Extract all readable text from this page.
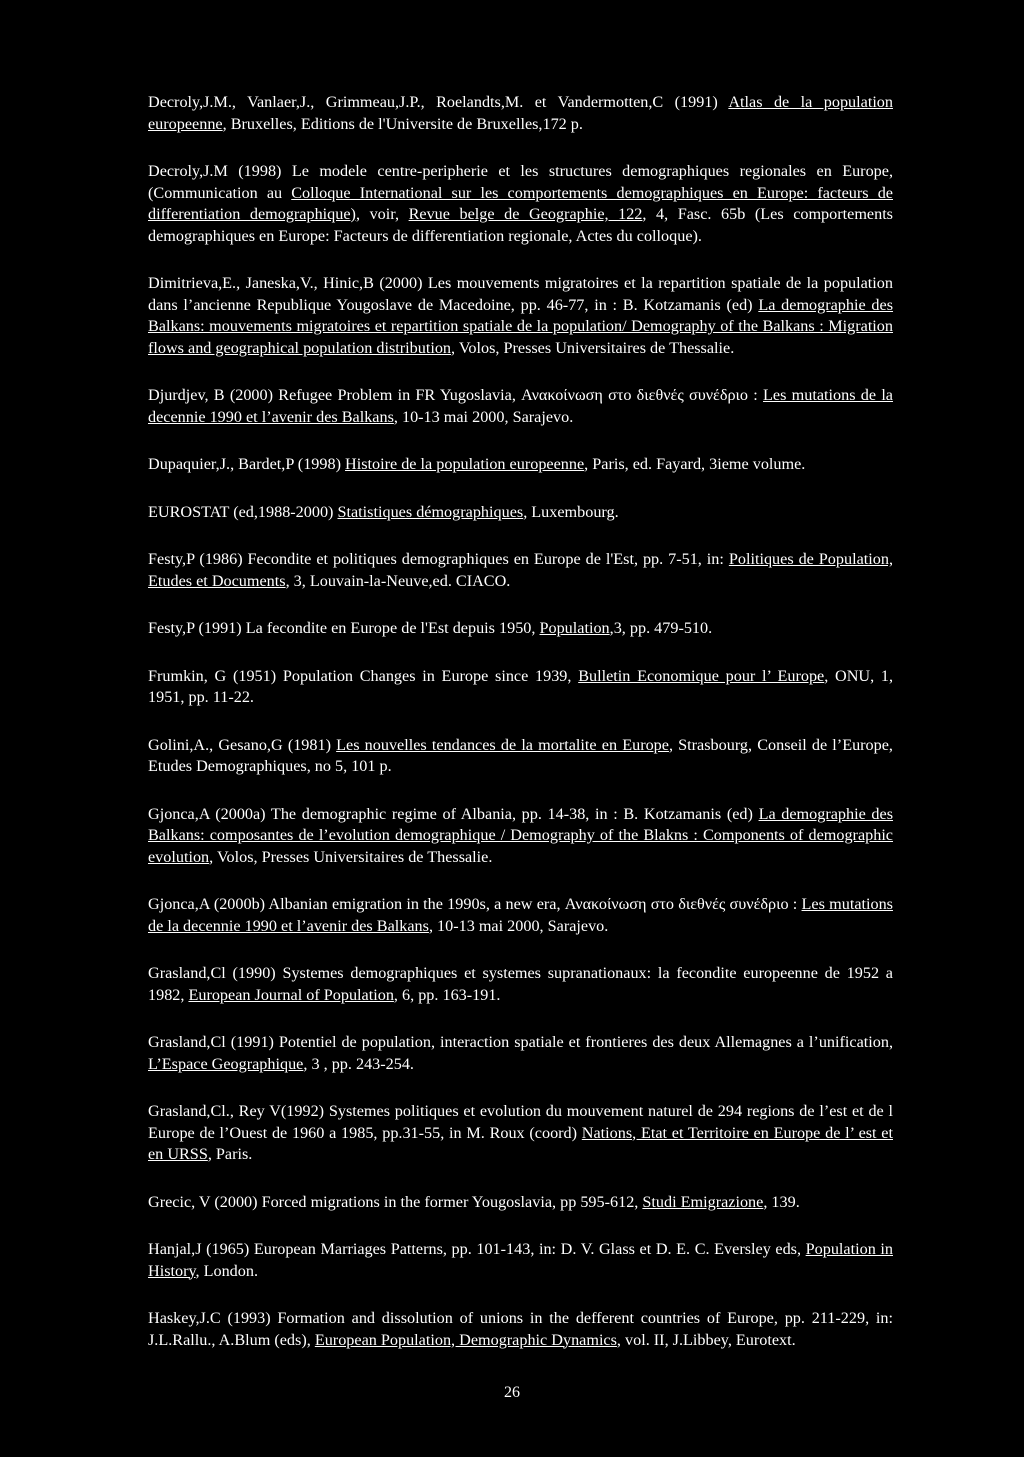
Decroly,J.M., Vanlaer,J., Grimmeau,J.P., Roelandts,M. et Vandermotten,C (1991) Atlas de la population europeenne, Bruxelles, Editions de l'Universite de Bruxelles,172 p.

Decroly,J.M (1998) Le modele centre-peripherie et les structures demographiques regionales en Europe, (Communication au Colloque International sur les comportements demographiques en Europe: facteurs de differentiation demographique), voir, Revue belge de Geographie, 122, 4, Fasc. 65b (Les comportements demographiques en Europe: Facteurs de differentiation regionale, Actes du colloque).

Dimitrieva,E., Janeska,V., Hinic,B (2000) Les mouvements migratoires et la repartition spatiale de la population dans l’ancienne Republique Yougoslave de Macedoine, pp. 46-77, in : B. Kotzamanis (ed) La demographie des Balkans: mouvements migratoires et repartition spatiale de la population/ Demography of the Balkans : Migration flows and geographical population distribution, Volos, Presses Universitaires de Thessalie.

Djurdjev, B (2000) Refugee Problem in FR Yugoslavia, Ανακοίνωση στο διεθνές συνέδριο : Les mutations de la decennie 1990 et l’avenir des Balkans, 10-13 mai 2000, Sarajevo.

Dupaquier,J., Bardet,P (1998) Histoire de la population europeenne, Paris, ed. Fayard, 3ieme volume.

EUROSTAT (ed,1988-2000) Statistiques démographiques, Luxembourg.

Festy,P (1986) Fecondite et politiques demographiques en Europe de l'Est, pp. 7-51, in: Politiques de Population, Etudes et Documents, 3, Louvain-la-Neuve,ed. CIACO.

Festy,P (1991) La fecondite en Europe de l'Est depuis 1950, Population,3, pp. 479-510.

Frumkin, G (1951) Population Changes in Europe since 1939, Bulletin Economique pour l’ Europe, ONU, 1, 1951, pp. 11-22.

Golini,A., Gesano,G (1981) Les nouvelles tendances de la mortalite en Europe, Strasbourg, Conseil de l’Europe, Etudes Demographiques, no 5, 101 p.

Gjonca,A (2000a) The demographic regime of Albania, pp. 14-38, in : B. Kotzamanis (ed) La demographie des Balkans: composantes de l’evolution demographique / Demography of the Blakns : Components of demographic evolution, Volos, Presses Universitaires de Thessalie.

Gjonca,A (2000b) Albanian emigration in the 1990s, a new era, Ανακοίνωση στο διεθνές συνέδριο : Les mutations de la decennie 1990 et l’avenir des Balkans, 10-13 mai 2000, Sarajevo.

Grasland,Cl (1990) Systemes demographiques et systemes supranationaux: la fecondite europeenne de 1952 a 1982, European Journal of Population, 6, pp. 163-191.

Grasland,Cl (1991) Potentiel de population, interaction spatiale et frontieres des deux Allemagnes a l’unification, L’Espace Geographique, 3 , pp. 243-254.

Grasland,Cl., Rey V(1992) Systemes politiques et evolution du mouvement naturel de 294 regions de l’est et de l Europe de l’Ouest de 1960 a 1985, pp.31-55, in M. Roux (coord) Nations, Etat et Territoire en Europe de l’ est et en URSS, Paris.

Grecic, V (2000) Forced migrations in the former Yougoslavia, pp 595-612, Studi Emigrazione, 139.

Hanjal,J (1965) European Marriages Patterns, pp. 101-143, in: D. V. Glass et D. E. C. Eversley eds, Population in History, London.

Haskey,J.C (1993) Formation and dissolution of unions in the defferent countries of Europe, pp. 211-229, in: J.L.Rallu., A.Blum (eds), European Population, Demographic Dynamics, vol. II, J.Libbey, Eurotext.

26
